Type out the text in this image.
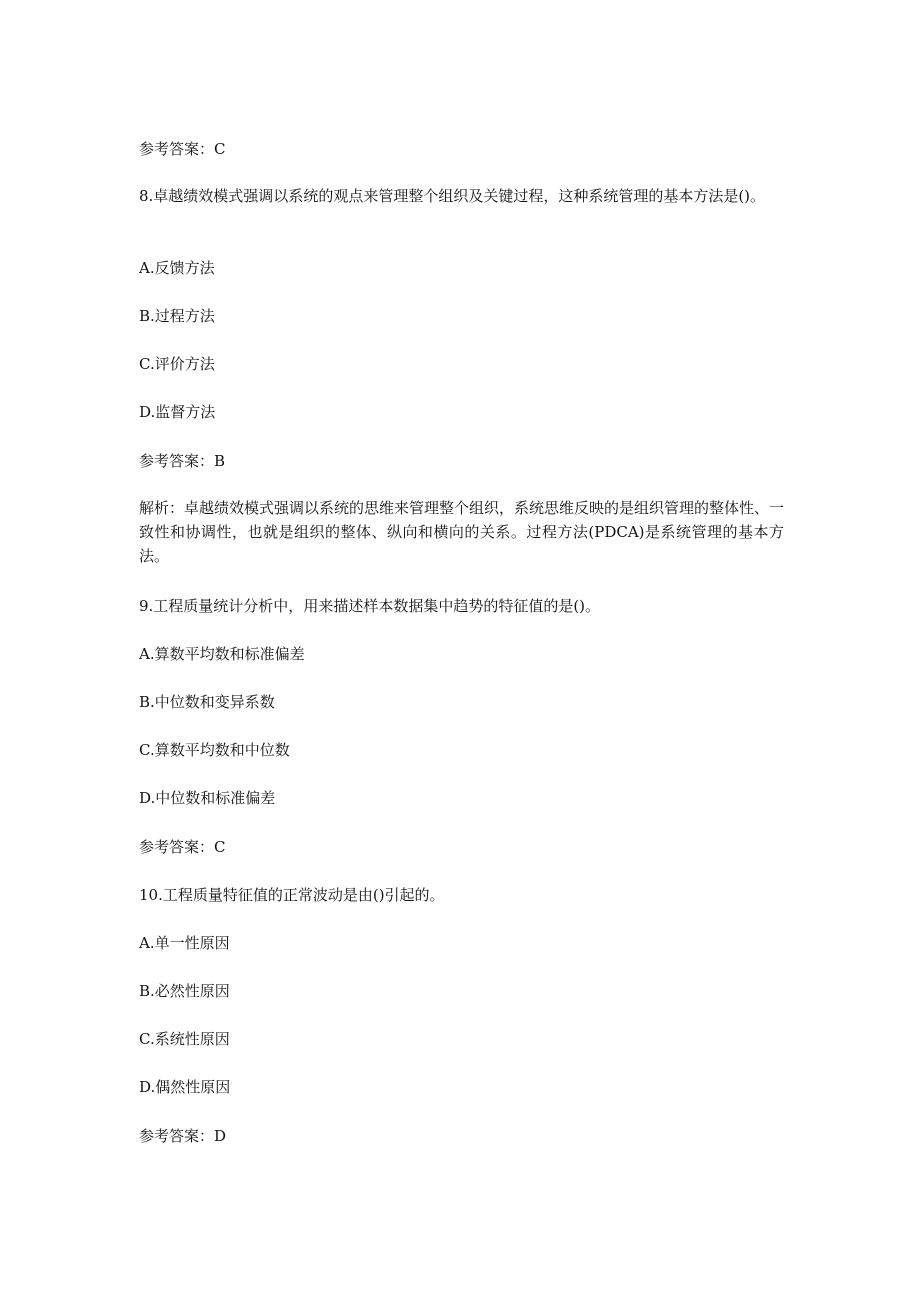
参考答案：C
8.卓越绩效模式强调以系统的观点来管理整个组织及关键过程，这种系统管理的基本方法是()。
A.反馈方法
B.过程方法
C.评价方法
D.监督方法
参考答案：B
解析：卓越绩效模式强调以系统的思维来管理整个组织，系统思维反映的是组织管理的整体性、一致性和协调性，也就是组织的整体、纵向和横向的关系。过程方法(PDCA)是系统管理的基本方法。
9.工程质量统计分析中，用来描述样本数据集中趋势的特征值的是()。
A.算数平均数和标准偏差
B.中位数和变异系数
C.算数平均数和中位数
D.中位数和标准偏差
参考答案：C
10.工程质量特征值的正常波动是由()引起的。
A.单一性原因
B.必然性原因
C.系统性原因
D.偶然性原因
参考答案：D
